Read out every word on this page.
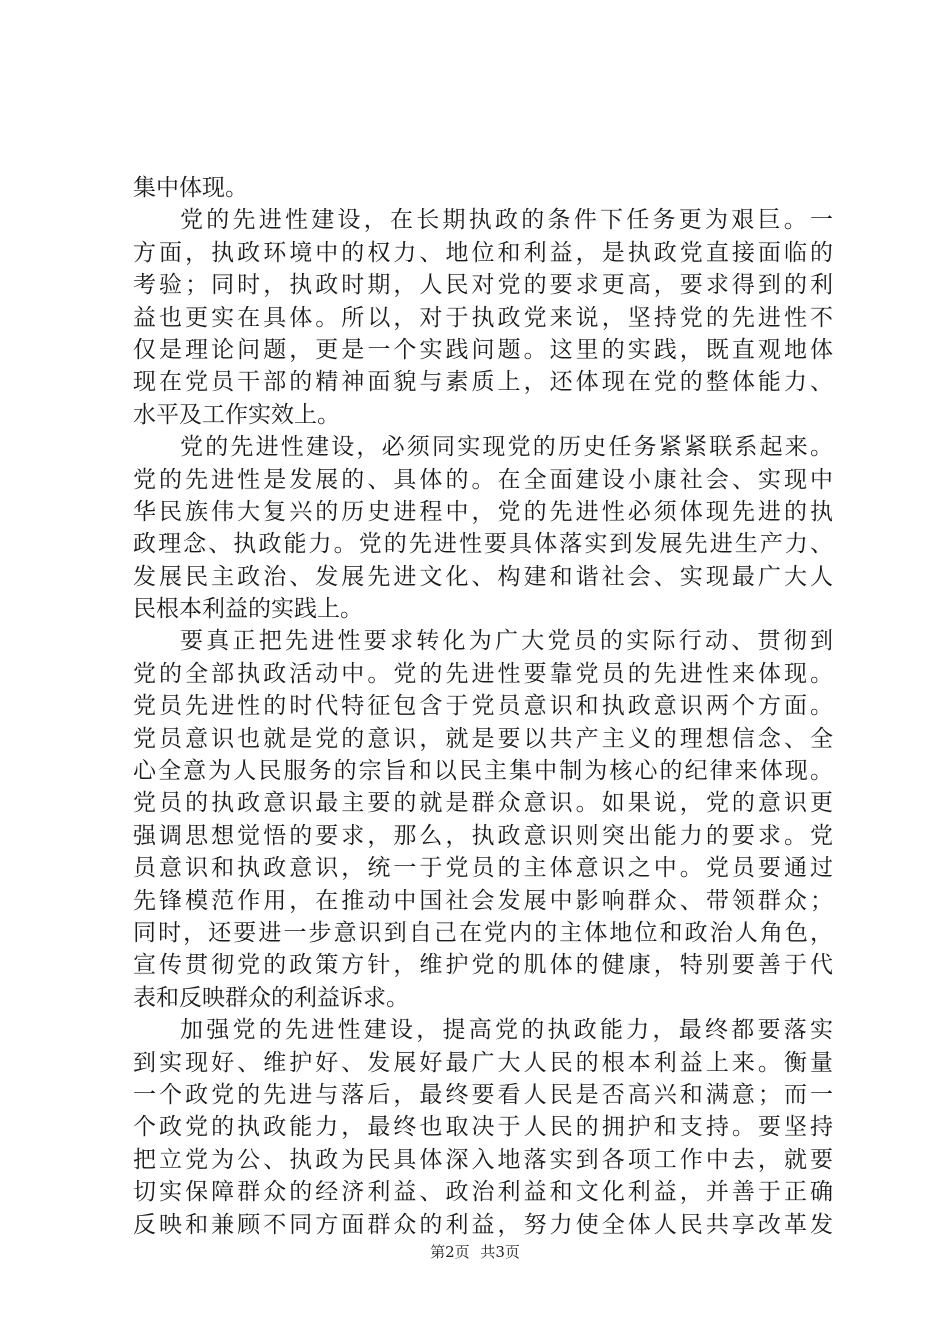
集中体现。
党的先进性建设，在长期执政的条件下任务更为艰巨。一
方面，执政环境中的权力、地位和利益，是执政党直接面临的
考验；同时，执政时期，人民对党的要求更高，要求得到的利
益也更实在具体。所以，对于执政党来说，坚持党的先进性不
仅是理论问题，更是一个实践问题。这里的实践，既直观地体
现在党员干部的精神面貌与素质上，还体现在党的整体能力、
水平及工作实效上。
党的先进性建设，必须同实现党的历史任务紧紧联系起来。
党的先进性是发展的、具体的。在全面建设小康社会、实现中
华民族伟大复兴的历史进程中，党的先进性必须体现先进的执
政理念、执政能力。党的先进性要具体落实到发展先进生产力、
发展民主政治、发展先进文化、构建和谐社会、实现最广大人
民根本利益的实践上。
要真正把先进性要求转化为广大党员的实际行动、贯彻到
党的全部执政活动中。党的先进性要靠党员的先进性来体现。
党员先进性的时代特征包含于党员意识和执政意识两个方面。
党员意识也就是党的意识，就是要以共产主义的理想信念、全
心全意为人民服务的宗旨和以民主集中制为核心的纪律来体现。
党员的执政意识最主要的就是群众意识。如果说，党的意识更
强调思想觉悟的要求，那么，执政意识则突出能力的要求。党
员意识和执政意识，统一于党员的主体意识之中。党员要通过
先锋模范作用，在推动中国社会发展中影响群众、带领群众；
同时，还要进一步意识到自己在党内的主体地位和政治人角色，
宣传贯彻党的政策方针，维护党的肌体的健康，特别要善于代
表和反映群众的利益诉求。
加强党的先进性建设，提高党的执政能力，最终都要落实
到实现好、维护好、发展好最广大人民的根本利益上来。衡量
一个政党的先进与落后，最终要看人民是否高兴和满意；而一
个政党的执政能力，最终也取决于人民的拥护和支持。要坚持
把立党为公、执政为民具体深入地落实到各项工作中去，就要
切实保障群众的经济利益、政治利益和文化利益，并善于正确
反映和兼顾不同方面群众的利益，努力使全体人民共享改革发
第2页 共3页
